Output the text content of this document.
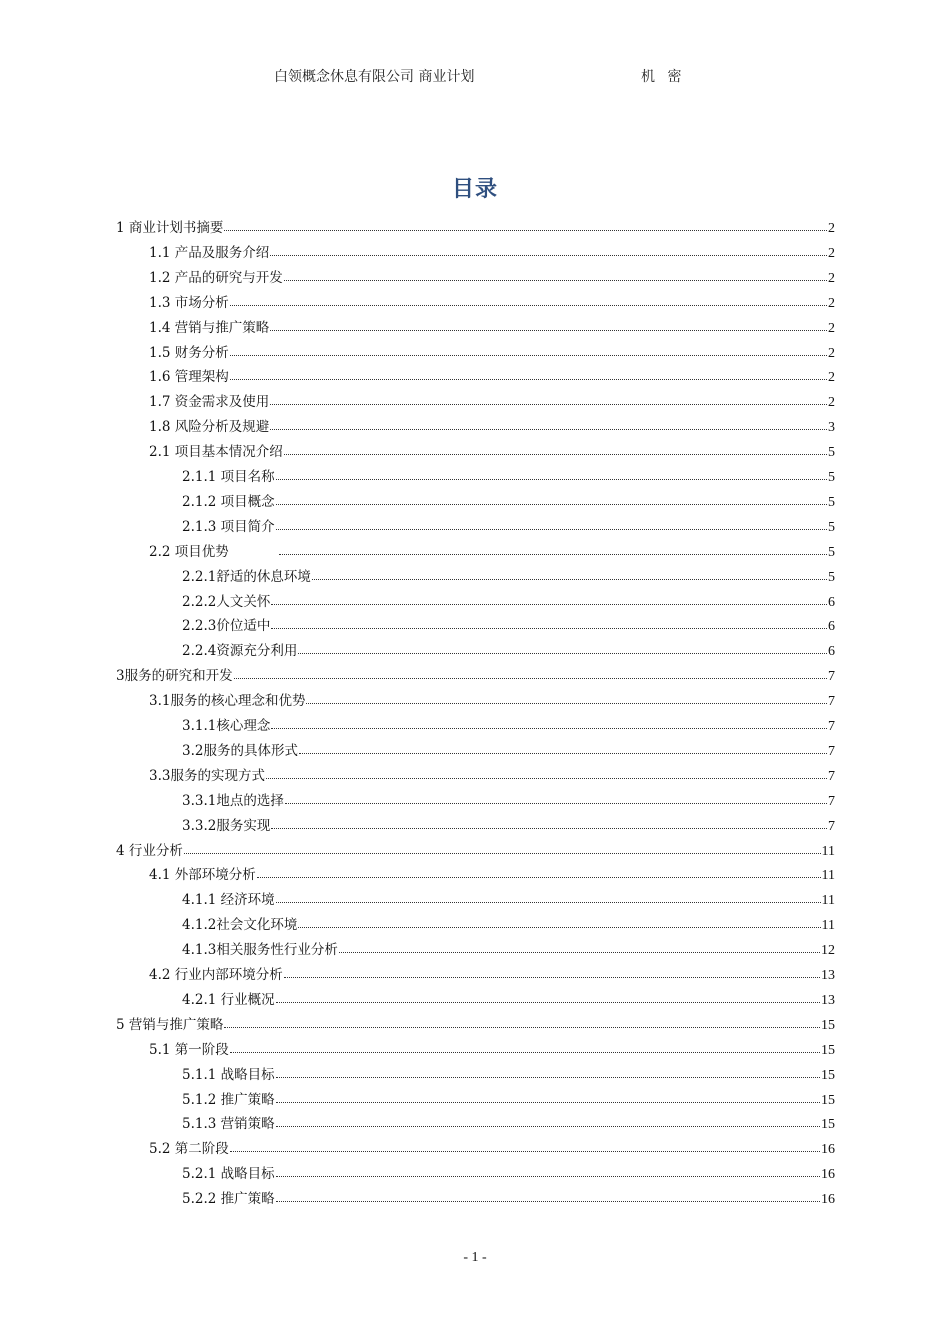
白领概念休息有限公司 商业计划	机 密
目录
1 商业计划书摘要	2
1.1 产品及服务介绍	2
1.2 产品的研究与开发	2
1.3 市场分析	2
1.4 营销与推广策略	2
1.5 财务分析	2
1.6 管理架构	2
1.7 资金需求及使用	2
1.8 风险分析及规避	3
2.1 项目基本情况介绍	5
2.1.1 项目名称	5
2.1.2 项目概念	5
2.1.3 项目简介	5
2.2 项目优势	5
2.2.1舒适的休息环境	5
2.2.2人文关怀	6
2.2.3价位适中	6
2.2.4资源充分利用	6
3服务的研究和开发	7
3.1服务的核心理念和优势	7
3.1.1核心理念	7
3.2服务的具体形式	7
3.3服务的实现方式	7
3.3.1地点的选择	7
3.3.2服务实现	7
4 行业分析	11
4.1 外部环境分析	11
4.1.1 经济环境	11
4.1.2社会文化环境	11
4.1.3相关服务性行业分析	12
4.2 行业内部环境分析	13
4.2.1 行业概况	13
5 营销与推广策略	15
5.1 第一阶段	15
5.1.1 战略目标	15
5.1.2 推广策略	15
5.1.3 营销策略	15
5.2 第二阶段	16
5.2.1 战略目标	16
5.2.2 推广策略	16
- 1 -
